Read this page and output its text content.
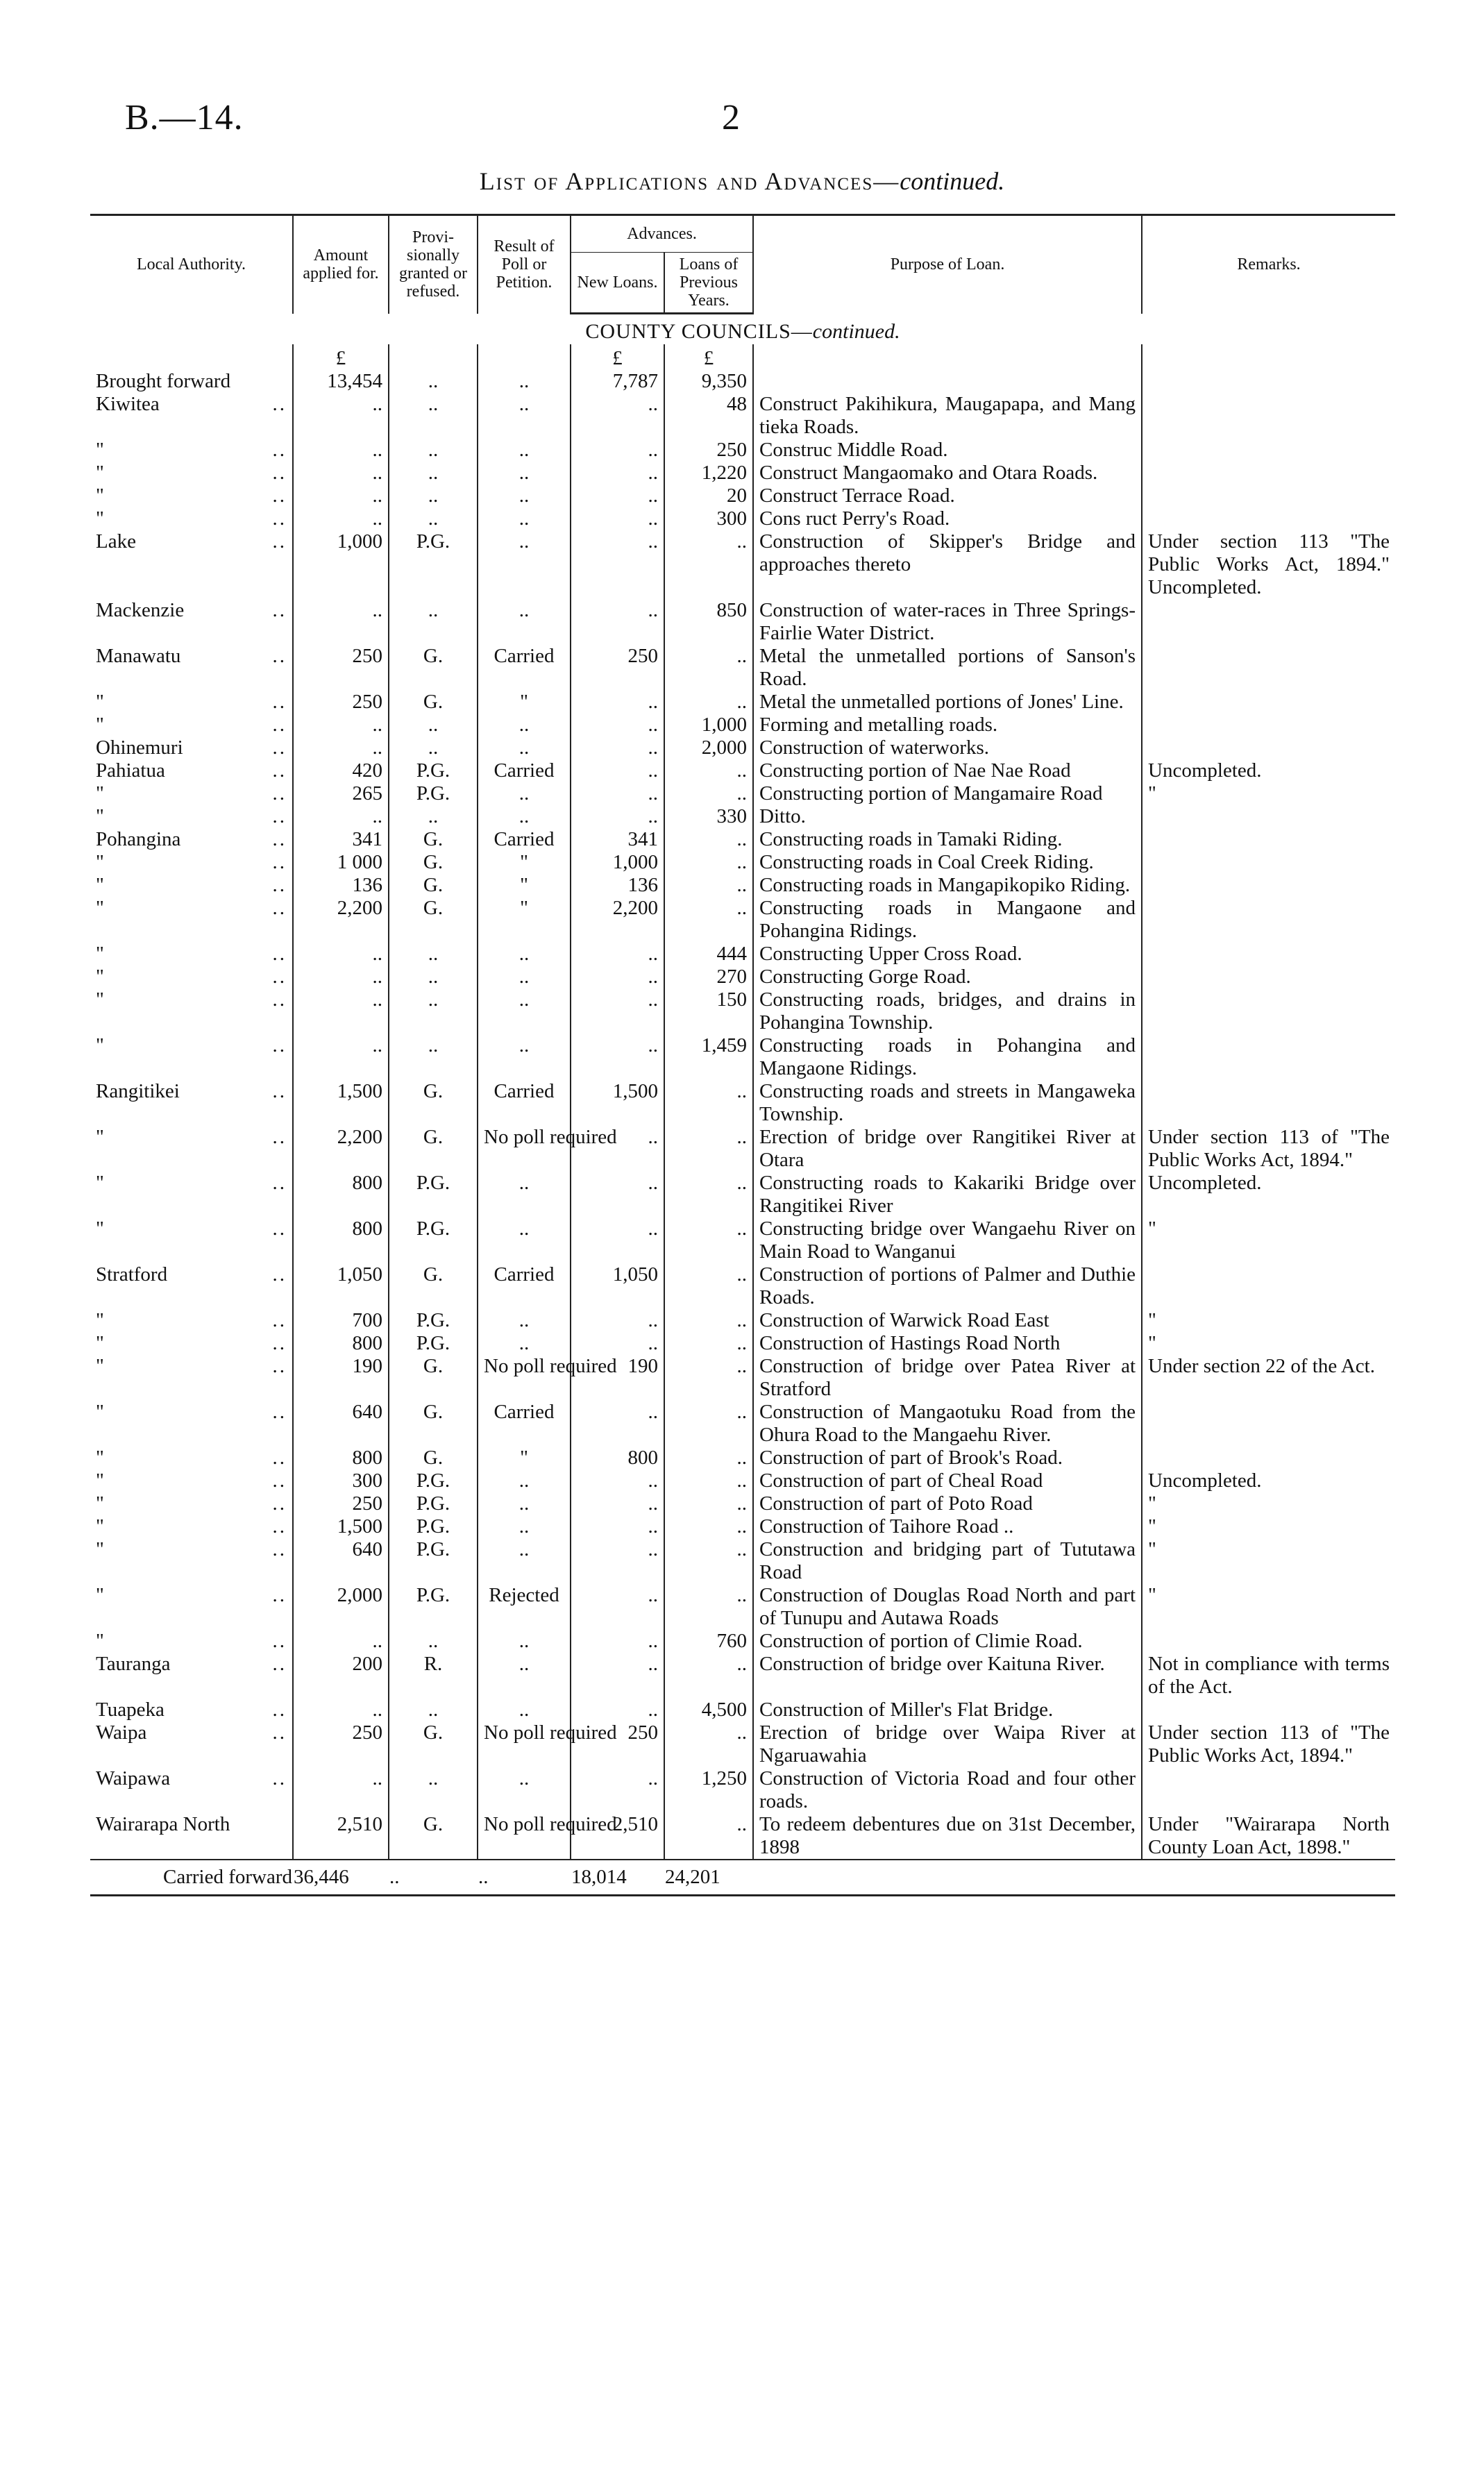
B.—14.	2
List of Applications and Advances—continued.
Local Authority.	Amount applied for.	Provi-sionally granted or refused.	Result of Poll or Petition.	Advances.		Purpose of Loan.	Remarks.
				New Loans.	Loans of Previous Years.		
COUNTY COUNCILS—continued.							
	£			£	£		
Brought forward	13,454	..	..	7,787	9,350		
Kiwitea ..	..	..	..	..	48	Construct Pakihikura, Maugapapa, and Mang tieka Roads.	
" ..	..	..	..	..	250	Construc Middle Road.	
" ..	..	..	..	..	1,220	Construct Mangaomako and Otara Roads.	
" ..	..	..	..	..	20	Construct Terrace Road.	
" ..	..	..	..	..	300	Cons ruct Perry's Road.	
Lake ..	1,000	P.G.	..	..	..	Construction of Skipper's Bridge and approaches thereto	Under section 113 "The Public Works Act, 1894." Uncompleted.
Mackenzie ..	..	..	..	..	850	Construction of water-races in Three Springs-Fairlie Water District.	
Manawatu ..	250	G.	Carried	250	..	Metal the unmetalled portions of Sanson's Road.	
" ..	250	G.	"	..	..	Metal the unmetalled portions of Jones' Line.	
" ..	..	..	..	..	1,000	Forming and metalling roads.	
Ohinemuri ..	..	..	..	..	2,000	Construction of waterworks.	
Pahiatua ..	420	P.G.	Carried	..	..	Constructing portion of Nae Nae Road	Uncompleted.
" ..	265	P.G.	..	..	..	Constructing portion of Mangamaire Road	"
" ..	..	..	..	..	330	Ditto.	
Pohangina ..	341	G.	Carried	341	..	Constructing roads in Tamaki Riding.	
" ..	1 000	G.	"	1,000	..	Constructing roads in Coal Creek Riding.	
" ..	136	G.	"	136	..	Constructing roads in Mangapikopiko Riding.	
" ..	2,200	G.	"	2,200	..	Constructing roads in Mangaone and Pohangina Ridings.	
" ..	..	..	..	..	444	Constructing Upper Cross Road.	
" ..	..	..	..	..	270	Constructing Gorge Road.	
" ..	..	..	..	..	150	Constructing roads, bridges, and drains in Pohangina Township.	
" ..	..	..	..	..	1,459	Constructing roads in Pohangina and Mangaone Ridings.	
Rangitikei ..	1,500	G.	Carried	1,500	..	Constructing roads and streets in Mangaweka Township.	
" ..	2,200	G.	No poll required	..	..	Erection of bridge over Rangitikei River at Otara	Under section 113 of "The Public Works Act, 1894."
" ..	800	P.G.	..	..	..	Constructing roads to Kakariki Bridge over Rangitikei River	Uncompleted.
" ..	800	P.G.	..	..	..	Constructing bridge over Wangaehu River on Main Road to Wanganui	"
Stratford ..	1,050	G.	Carried	1,050	..	Construction of portions of Palmer and Duthie Roads.	
" ..	700	P.G.	..	..	..	Construction of Warwick Road East	"
" ..	800	P.G.	..	..	..	Construction of Hastings Road North	"
" ..	190	G.	No poll required	190	..	Construction of bridge over Patea River at Stratford	Under section 22 of the Act.
" ..	640	G.	Carried	..	..	Construction of Mangaotuku Road from the Ohura Road to the Mangaehu River.	
" ..	800	G.	"	800	..	Construction of part of Brook's Road.	
" ..	300	P.G.	..	..	..	Construction of part of Cheal Road	Uncompleted.
" ..	250	P.G.	..	..	..	Construction of part of Poto Road	"
" ..	1,500	P.G.	..	..	..	Construction of Taihore Road ..	"
" ..	640	P.G.	..	..	..	Construction and bridging part of Tututawa Road	"
" ..	2,000	P.G.	Rejected	..	..	Construction of Douglas Road North and part of Tunupu and Autawa Roads	"
" ..	..	..	..	..	760	Construction of portion of Climie Road.	
Tauranga ..	200	R.	..	..	..	Construction of bridge over Kaituna River.	Not in compliance with terms of the Act.
Tuapeka ..	..	..	..	..	4,500	Construction of Miller's Flat Bridge.	
Waipa ..	250	G.	No poll required	250	..	Erection of bridge over Waipa River at Ngaruawahia	Under section 113 of "The Public Works Act, 1894."
Waipawa ..	..	..	..	..	1,250	Construction of Victoria Road and four other roads.	
Wairarapa North	2,510	G.	No poll required	2,510	..	To redeem debentures due on 31st December, 1898	Under "Wairarapa North County Loan Act, 1898."
Carried forward	36,446	..	..	18,014	24,201		
